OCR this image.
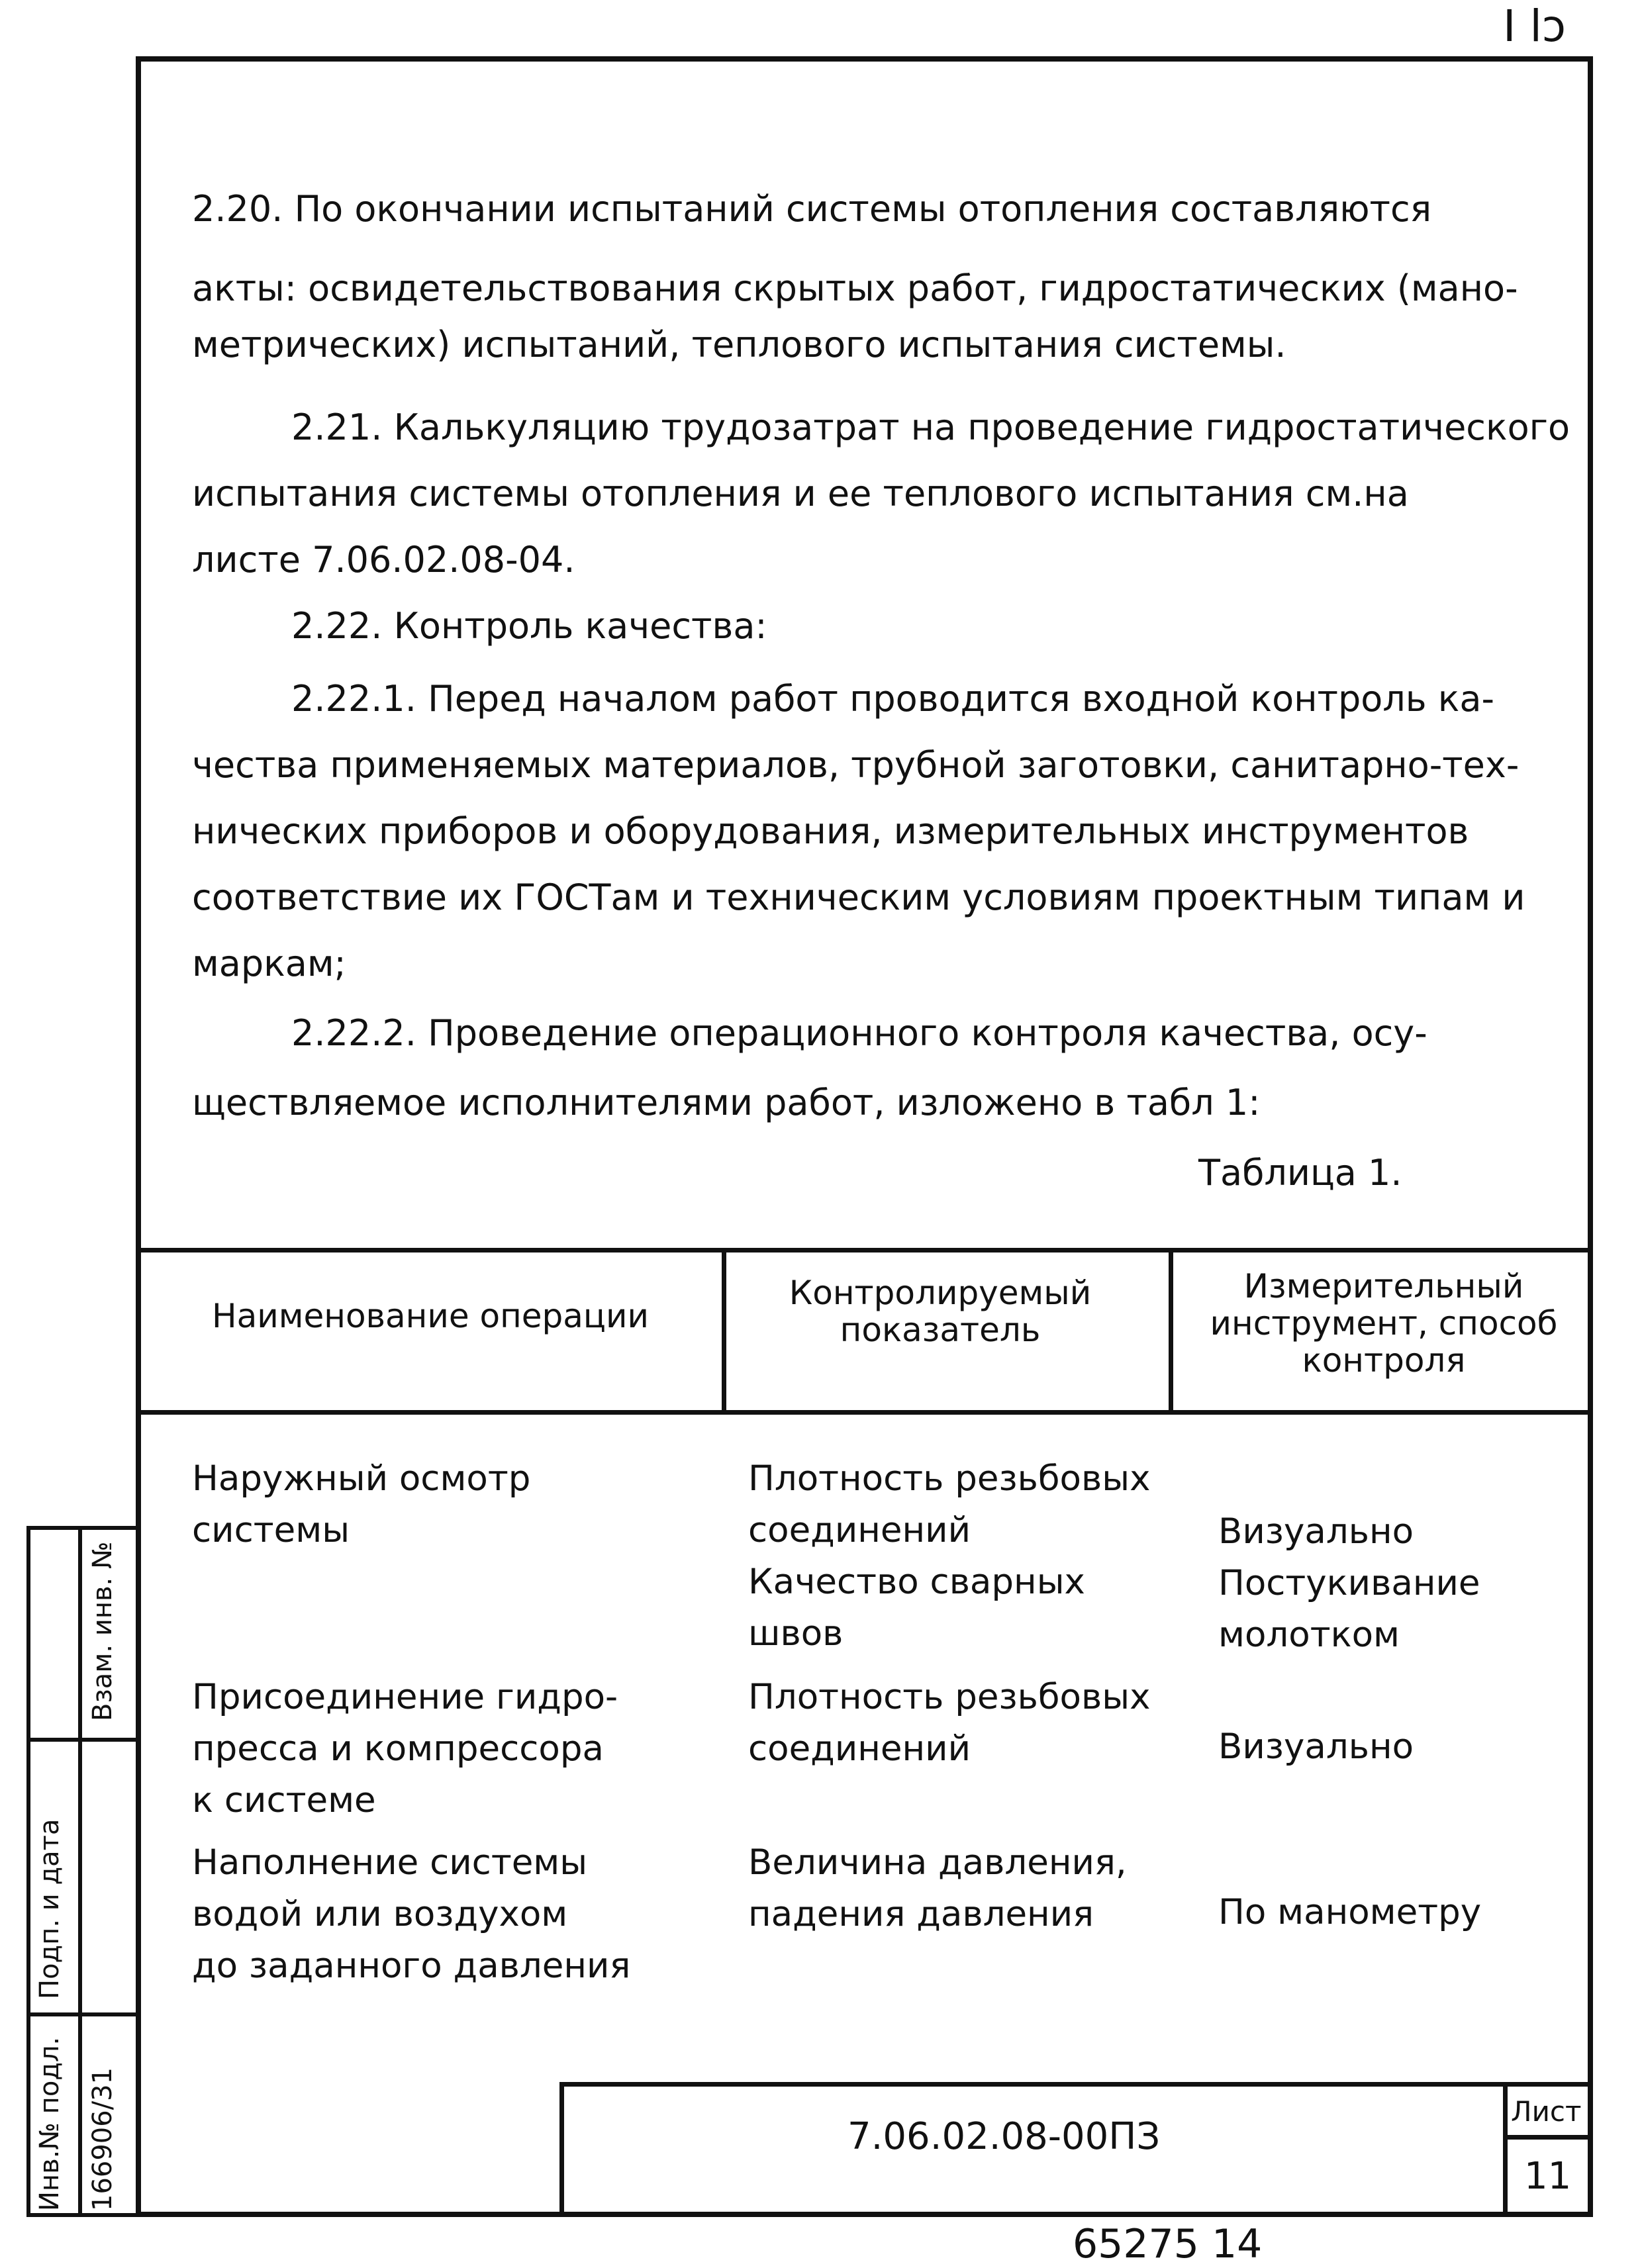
I lɔ
2.20. По окончании испытаний системы отопления составляются
акты: освидетельствования скрытых работ, гидростатических (мано-
метрических) испытаний, теплового испытания системы.
2.21. Калькуляцию трудозатрат на проведение гидростатического
испытания системы отопления и ее теплового испытания см.на
листе 7.06.02.08-04.
2.22. Контроль качества:
2.22.1. Перед началом работ проводится входной контроль ка-
чества применяемых материалов, трубной заготовки, санитарно-тех-
нических приборов и оборудования, измерительных инструментов
соответствие их ГОСТам и техническим условиям проектным типам и
маркам;
2.22.2. Проведение операционного контроля качества, осу-
ществляемое исполнителями работ, изложено в табл 1:
Таблица 1.
Наименование операции
Контролируемый показатель
Измерительный инструмент, способ контроля
Наружный осмотр
системы
Плотность резьбовых
соединений
Качество сварных
швов
Визуально
Постукивание
молотком
Присоединение гидро-
пресса и компрессора
к системе
Плотность резьбовых
соединений	Визуально
Наполнение системы
водой или воздухом
до заданного давления
Величина давления,
падения давления	По манометру
7.06.02.08-00ПЗ
Лист
11
Инв.№ подл. 166906/31
Подп. и дата
Взам. инв. №
65275 14
